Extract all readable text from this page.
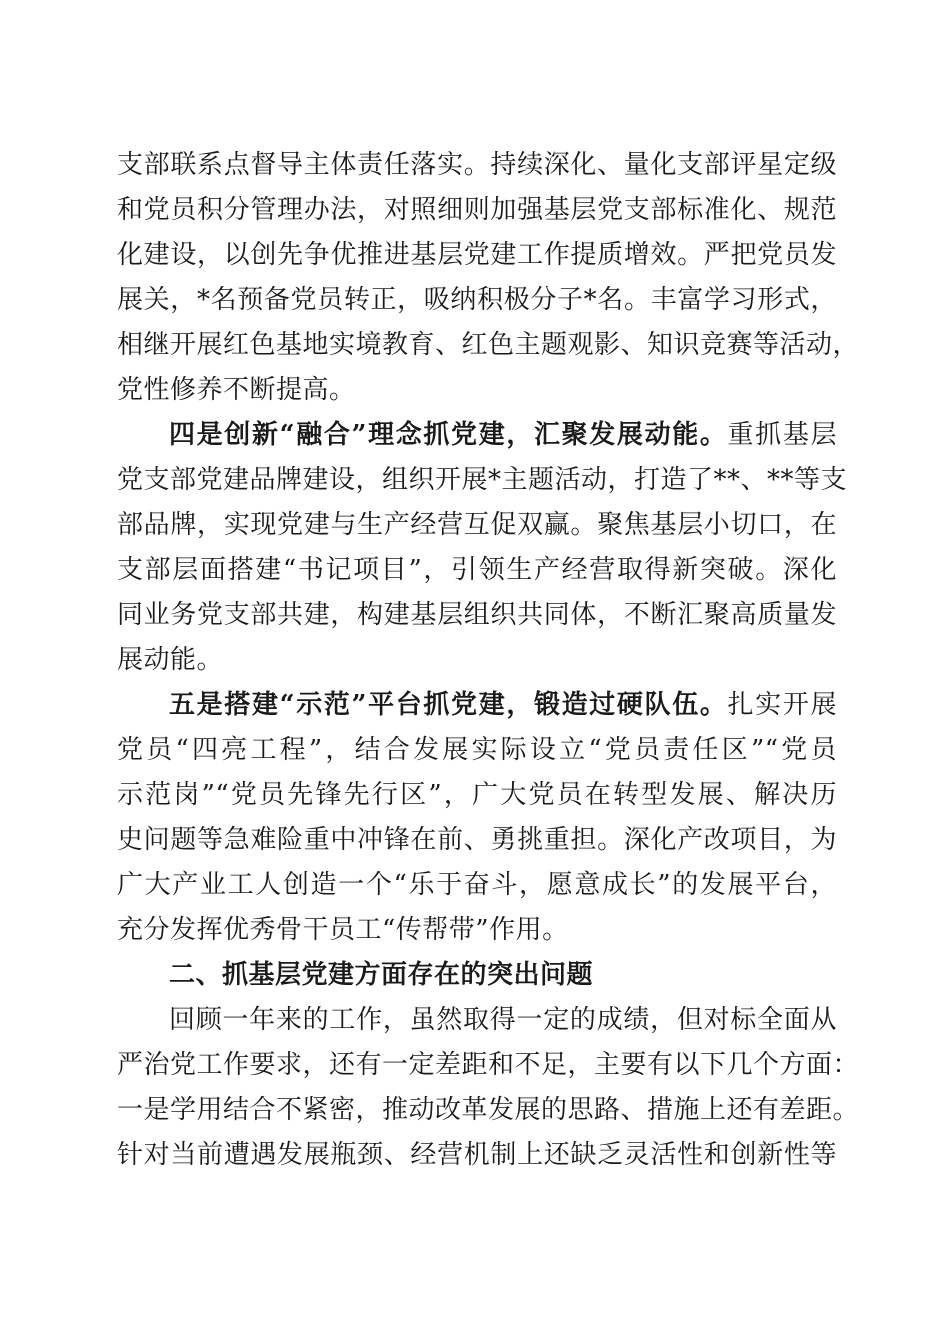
支部联系点督导主体责任落实。持续深化、量化支部评星定级
和党员积分管理办法，对照细则加强基层党支部标准化、规范
化建设，以创先争优推进基层党建工作提质增效。严把党员发
展关，*名预备党员转正，吸纳积极分子*名。丰富学习形式，
相继开展红色基地实境教育、红色主题观影、知识竞赛等活动，
党性修养不断提高。
四是创新“融合”理念抓党建，汇聚发展动能。重抓基层
党支部党建品牌建设，组织开展*主题活动，打造了**、**等支
部品牌，实现党建与生产经营互促双赢。聚焦基层小切口，在
支部层面搭建“书记项目”，引领生产经营取得新突破。深化
同业务党支部共建，构建基层组织共同体，不断汇聚高质量发
展动能。
五是搭建“示范”平台抓党建，锻造过硬队伍。扎实开展
党员“四亮工程”，结合发展实际设立“党员责任区”“党员
示范岗”“党员先锋先行区”，广大党员在转型发展、解决历
史问题等急难险重中冲锋在前、勇挑重担。深化产改项目，为
广大产业工人创造一个“乐于奋斗，愿意成长”的发展平台，
充分发挥优秀骨干员工“传帮带”作用。
二、抓基层党建方面存在的突出问题
回顾一年来的工作，虽然取得一定的成绩，但对标全面从
严治党工作要求，还有一定差距和不足，主要有以下几个方面：
一是学用结合不紧密，推动改革发展的思路、措施上还有差距。
针对当前遭遇发展瓶颈、经营机制上还缺乏灵活性和创新性等
